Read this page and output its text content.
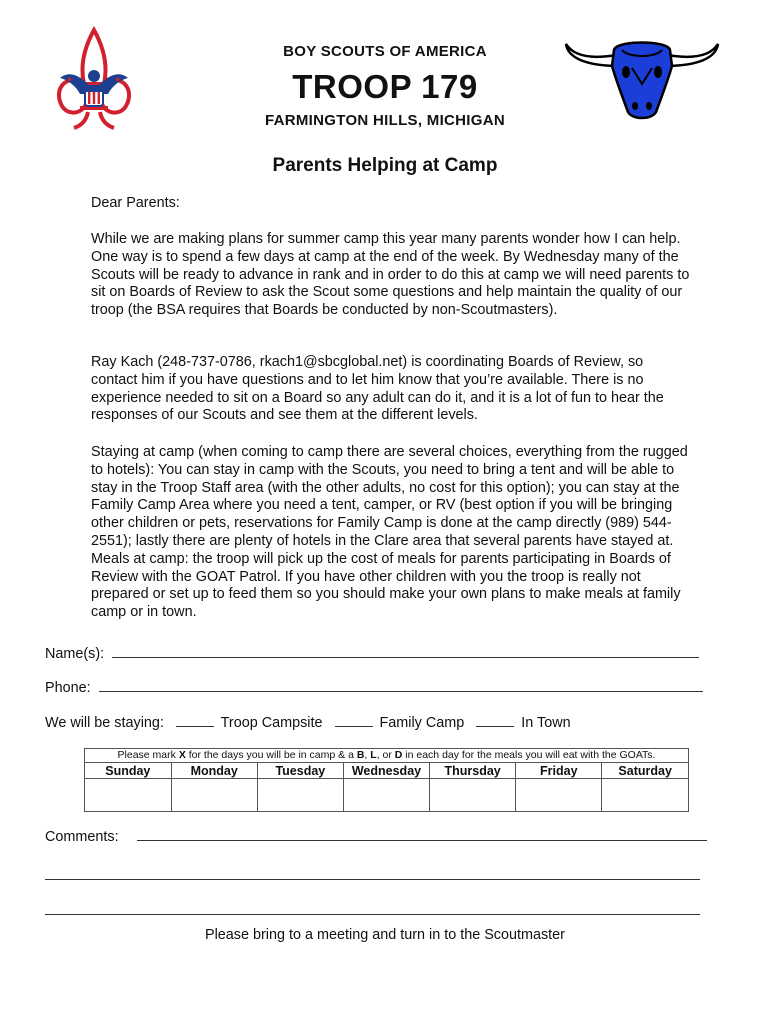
★	★
BOY SCOUTS OF AMERICA
TROOP 179
FARMINGTON HILLS, MICHIGAN
Parents Helping at Camp
Dear Parents:
While we are making plans for summer camp this year many parents wonder how I can help. One way is to spend a few days at camp at the end of the week. By Wednesday many of the Scouts will be ready to advance in rank and in order to do this at camp we will need parents to sit on Boards of Review to ask the Scout some questions and help maintain the quality of our troop (the BSA requires that Boards be conducted by non-Scoutmasters).
Ray Kach (248-737-0786, rkach1@sbcglobal.net) is coordinating Boards of Review, so contact him if you have questions and to let him know that you’re available. There is no experience needed to sit on a Board so any adult can do it, and it is a lot of fun to hear the responses of our Scouts and see them at the different levels.
Staying at camp (when coming to camp there are several choices, everything from the rugged to hotels): You can stay in camp with the Scouts, you need to bring a tent and will be able to stay in the Troop Staff area (with the other adults, no cost for this option); you can stay at the Family Camp Area where you need a tent, camper, or RV (best option if you will be bringing other children or pets, reservations for Family Camp is done at the camp directly (989) 544-2551); lastly there are plenty of hotels in the Clare area that several parents have stayed at. Meals at camp: the troop will pick up the cost of meals for parents participating in Boards of Review with the GOAT Patrol. If you have other children with you the troop is really not prepared or set up to feed them so you should make your own plans to make meals at family camp or in town.
Name(s):
Phone:
We will be staying:	Troop Campsite	Family Camp	In Town
Please mark X for the days you will be in camp & a B, L, or D in each day for the meals you will eat with the GOATs.
Sunday	Monday	Tuesday	Wednesday	Thursday	Friday	Saturday

Comments:
Please bring to a meeting and turn in to the Scoutmaster
